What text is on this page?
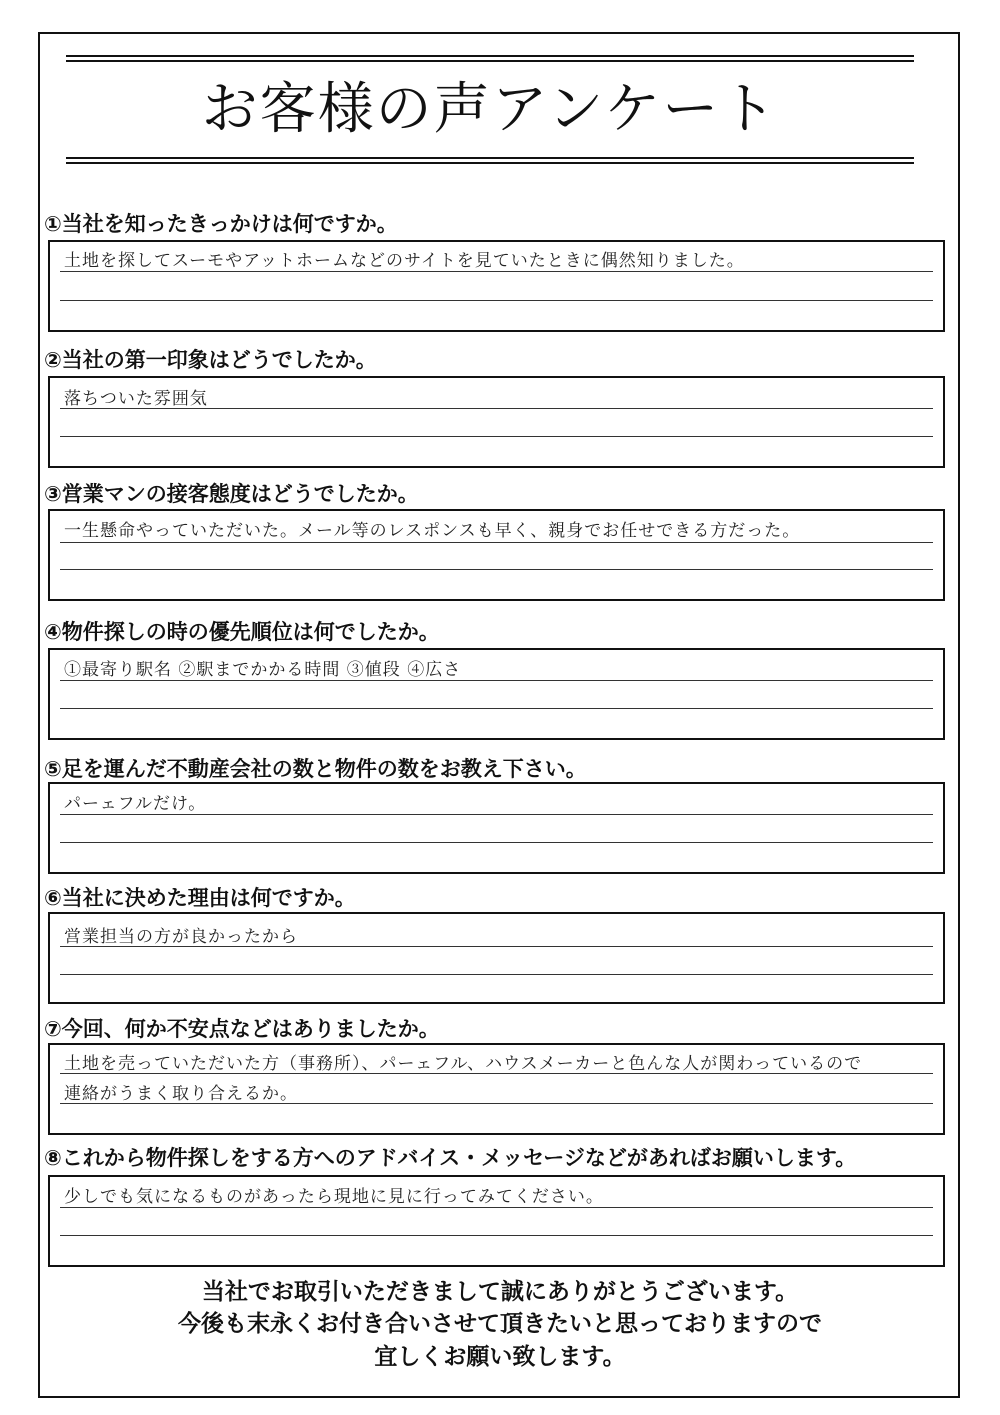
お客様の声アンケート
①当社を知ったきっかけは何ですか。
土地を探してスーモやアットホームなどのサイトを見ていたときに偶然知りました。
②当社の第一印象はどうでしたか。
落ちついた雰囲気
③営業マンの接客態度はどうでしたか。
一生懸命やっていただいた。メール等のレスポンスも早く、親身でお任せできる方だった。
④物件探しの時の優先順位は何でしたか。
①最寄り駅名 ②駅までかかる時間 ③値段 ④広さ
⑤足を運んだ不動産会社の数と物件の数をお教え下さい。
パーェフルだけ。
⑥当社に決めた理由は何ですか。
営業担当の方が良かったから
⑦今回、何か不安点などはありましたか。
土地を売っていただいた方（事務所）、パーェフル、ハウスメーカーと色んな人が関わっているので
連絡がうまく取り合えるか。
⑧これから物件探しをする方へのアドバイス・メッセージなどがあればお願いします。
少しでも気になるものがあったら現地に見に行ってみてください。
当社でお取引いただきまして誠にありがとうございます。
今後も末永くお付き合いさせて頂きたいと思っておりますので
宜しくお願い致します。
